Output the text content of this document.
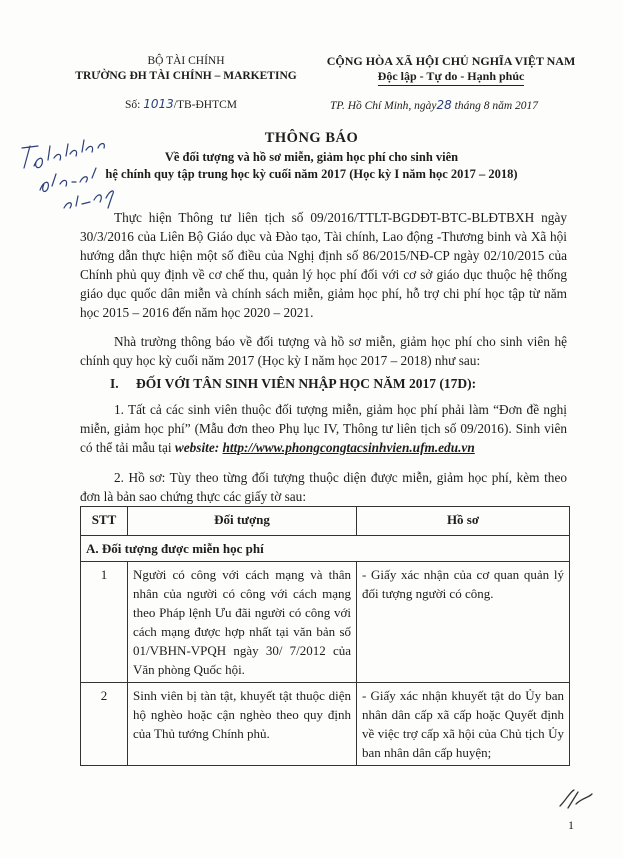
BỘ TÀI CHÍNH
TRƯỜNG ĐH TÀI CHÍNH – MARKETING
CỘNG HÒA XÃ HỘI CHỦ NGHĨA VIỆT NAM
Độc lập - Tự do - Hạnh phúc
Số: 1013/TB-ĐHTCM	TP. Hồ Chí Minh, ngày28 tháng 8 năm 2017
THÔNG BÁO
Về đối tượng và hồ sơ miễn, giảm học phí cho sinh viên
hệ chính quy tập trung học kỳ cuối năm 2017 (Học kỳ I năm học 2017 – 2018)
Thực hiện Thông tư liên tịch số 09/2016/TTLT-BGDĐT-BTC-BLĐTBXH ngày 30/3/2016 của Liên Bộ Giáo dục và Đào tạo, Tài chính, Lao động -Thương binh và Xã hội hướng dẫn thực hiện một số điều của Nghị định số 86/2015/NĐ-CP ngày 02/10/2015 của Chính phủ quy định về cơ chế thu, quản lý học phí đối với cơ sở giáo dục thuộc hệ thống giáo dục quốc dân miễn và chính sách miễn, giảm học phí, hỗ trợ chi phí học tập từ năm học 2015 – 2016 đến năm học 2020 – 2021.
Nhà trường thông báo về đối tượng và hồ sơ miễn, giảm học phí cho sinh viên hệ chính quy học kỳ cuối năm 2017 (Học kỳ I năm học 2017 – 2018) như sau:
I. ĐỐI VỚI TÂN SINH VIÊN NHẬP HỌC NĂM 2017 (17D):
1. Tất cả các sinh viên thuộc đối tượng miễn, giảm học phí phải làm “Đơn đề nghị miễn, giảm học phí” (Mẫu đơn theo Phụ lục IV, Thông tư liên tịch số 09/2016). Sinh viên có thể tải mẫu tại website: http://www.phongcongtacsinhvien.ufm.edu.vn
2. Hồ sơ: Tùy theo từng đối tượng thuộc diện được miễn, giảm học phí, kèm theo đơn là bản sao chứng thực các giấy tờ sau:
STT	Đối tượng	Hồ sơ
A. Đối tượng được miễn học phí		
1	Người có công với cách mạng và thân nhân của người có công với cách mạng theo Pháp lệnh Ưu đãi người có công với cách mạng được hợp nhất tại văn bản số 01/VBHN-VPQH ngày 30/ 7/2012 của Văn phòng Quốc hội.	- Giấy xác nhận của cơ quan quản lý đối tượng người có công.
2	Sinh viên bị tàn tật, khuyết tật thuộc diện hộ nghèo hoặc cận nghèo theo quy định của Thủ tướng Chính phủ.	- Giấy xác nhận khuyết tật do Ủy ban nhân dân cấp xã cấp hoặc Quyết định về việc trợ cấp xã hội của Chủ tịch Ủy ban nhân dân cấp huyện;
1
